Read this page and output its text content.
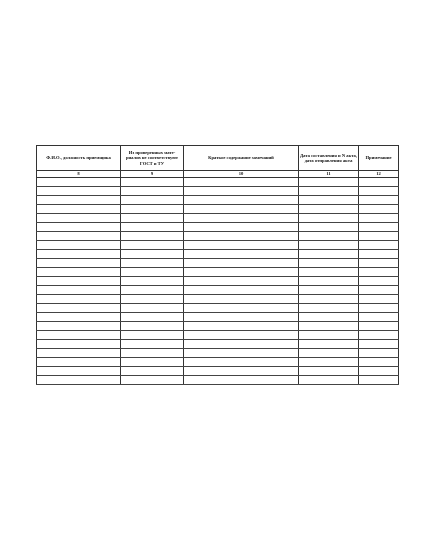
Ф.И.О., должность приемщика	Из проверенных мате- риалов не соответствуют ГОСТ и ТУ	Краткое содержание замечаний	Дата составления и N акта, дата отправления акта	Примечание

8	9	10	11	12
